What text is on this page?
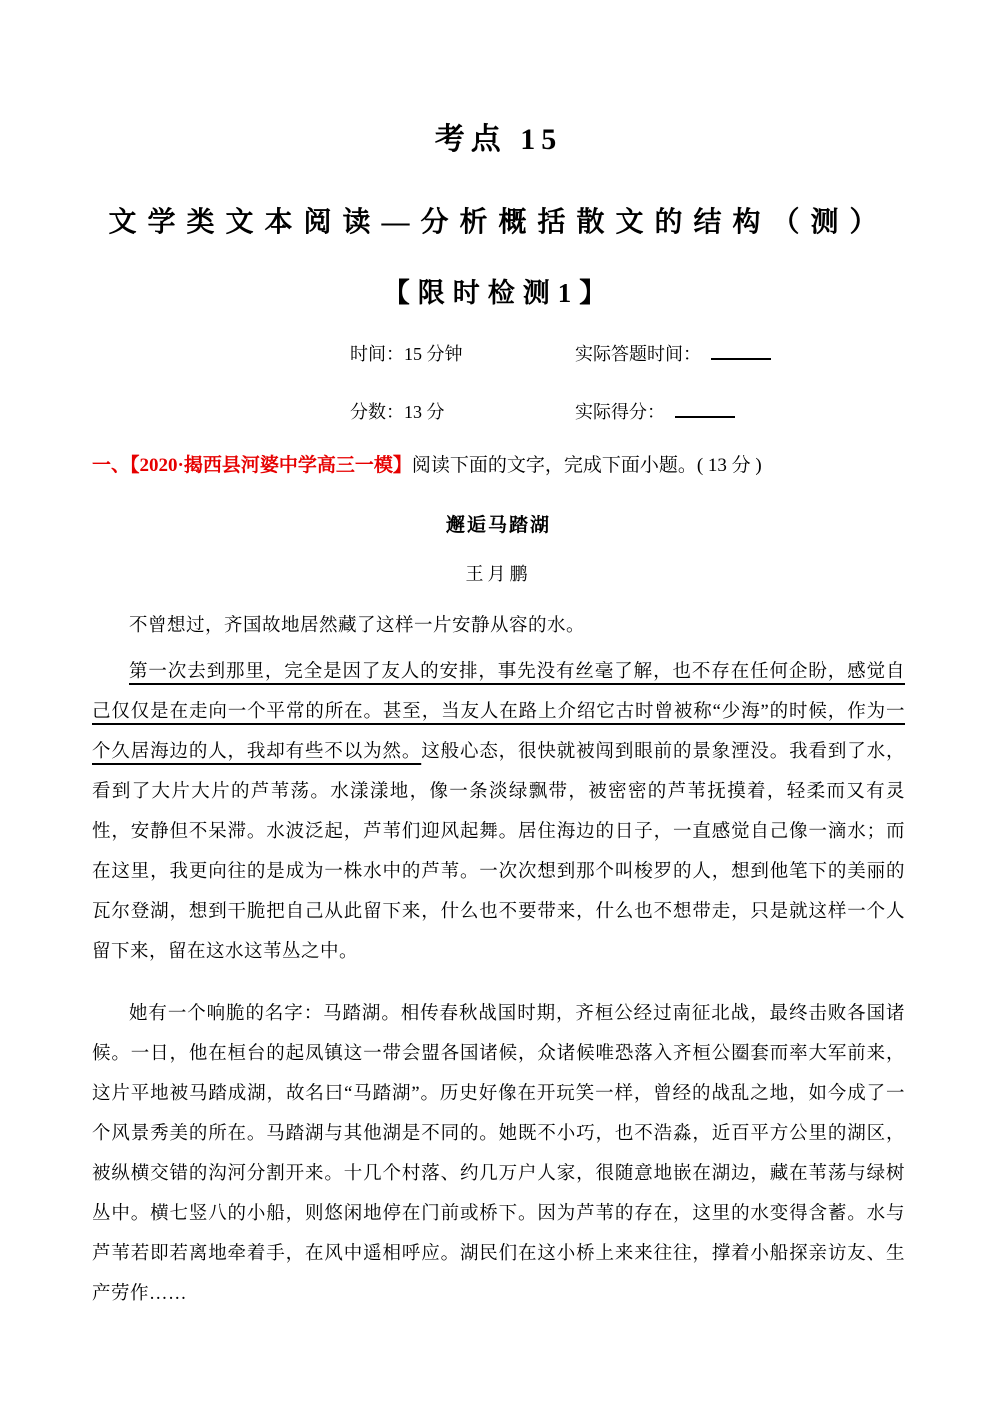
考点 15
文学类文本阅读—分析概括散文的结构（测）
【限时检测1】
时间：15 分钟	实际答题时间：
分数：13 分	实际得分：

一、【2020·揭西县河婆中学高三一模】阅读下面的文字，完成下面小题。( 13 分 )

邂逅马踏湖
王月鹏

不曾想过，齐国故地居然藏了这样一片安静从容的水。

第一次去到那里，完全是因了友人的安排，事先没有丝毫了解，也不存在任何企盼，感觉自己仅仅是在走向一个平常的所在。甚至，当友人在路上介绍它古时曾被称“少海”的时候，作为一个久居海边的人，我却有些不以为然。这般心态，很快就被闯到眼前的景象湮没。我看到了水，看到了大片大片的芦苇荡。水漾漾地，像一条淡绿飘带，被密密的芦苇抚摸着，轻柔而又有灵性，安静但不呆滞。水波泛起，芦苇们迎风起舞。居住海边的日子，一直感觉自己像一滴水；而在这里，我更向往的是成为一株水中的芦苇。一次次想到那个叫梭罗的人，想到他笔下的美丽的瓦尔登湖，想到干脆把自己从此留下来，什么也不要带来，什么也不想带走，只是就这样一个人留下来，留在这水这苇丛之中。

她有一个响脆的名字：马踏湖。相传春秋战国时期，齐桓公经过南征北战，最终击败各国诸候。一日，他在桓台的起凤镇这一带会盟各国诸候，众诸候唯恐落入齐桓公圈套而率大军前来，这片平地被马踏成湖，故名曰“马踏湖”。历史好像在开玩笑一样，曾经的战乱之地，如今成了一个风景秀美的所在。马踏湖与其他湖是不同的。她既不小巧，也不浩淼，近百平方公里的湖区，被纵横交错的沟河分割开来。十几个村落、约几万户人家，很随意地嵌在湖边，藏在苇荡与绿树丛中。横七竖八的小船，则悠闲地停在门前或桥下。因为芦苇的存在，这里的水变得含蓄。水与芦苇若即若离地牵着手，在风中遥相呼应。湖民们在这小桥上来来往往，撑着小船探亲访友、生产劳作……
